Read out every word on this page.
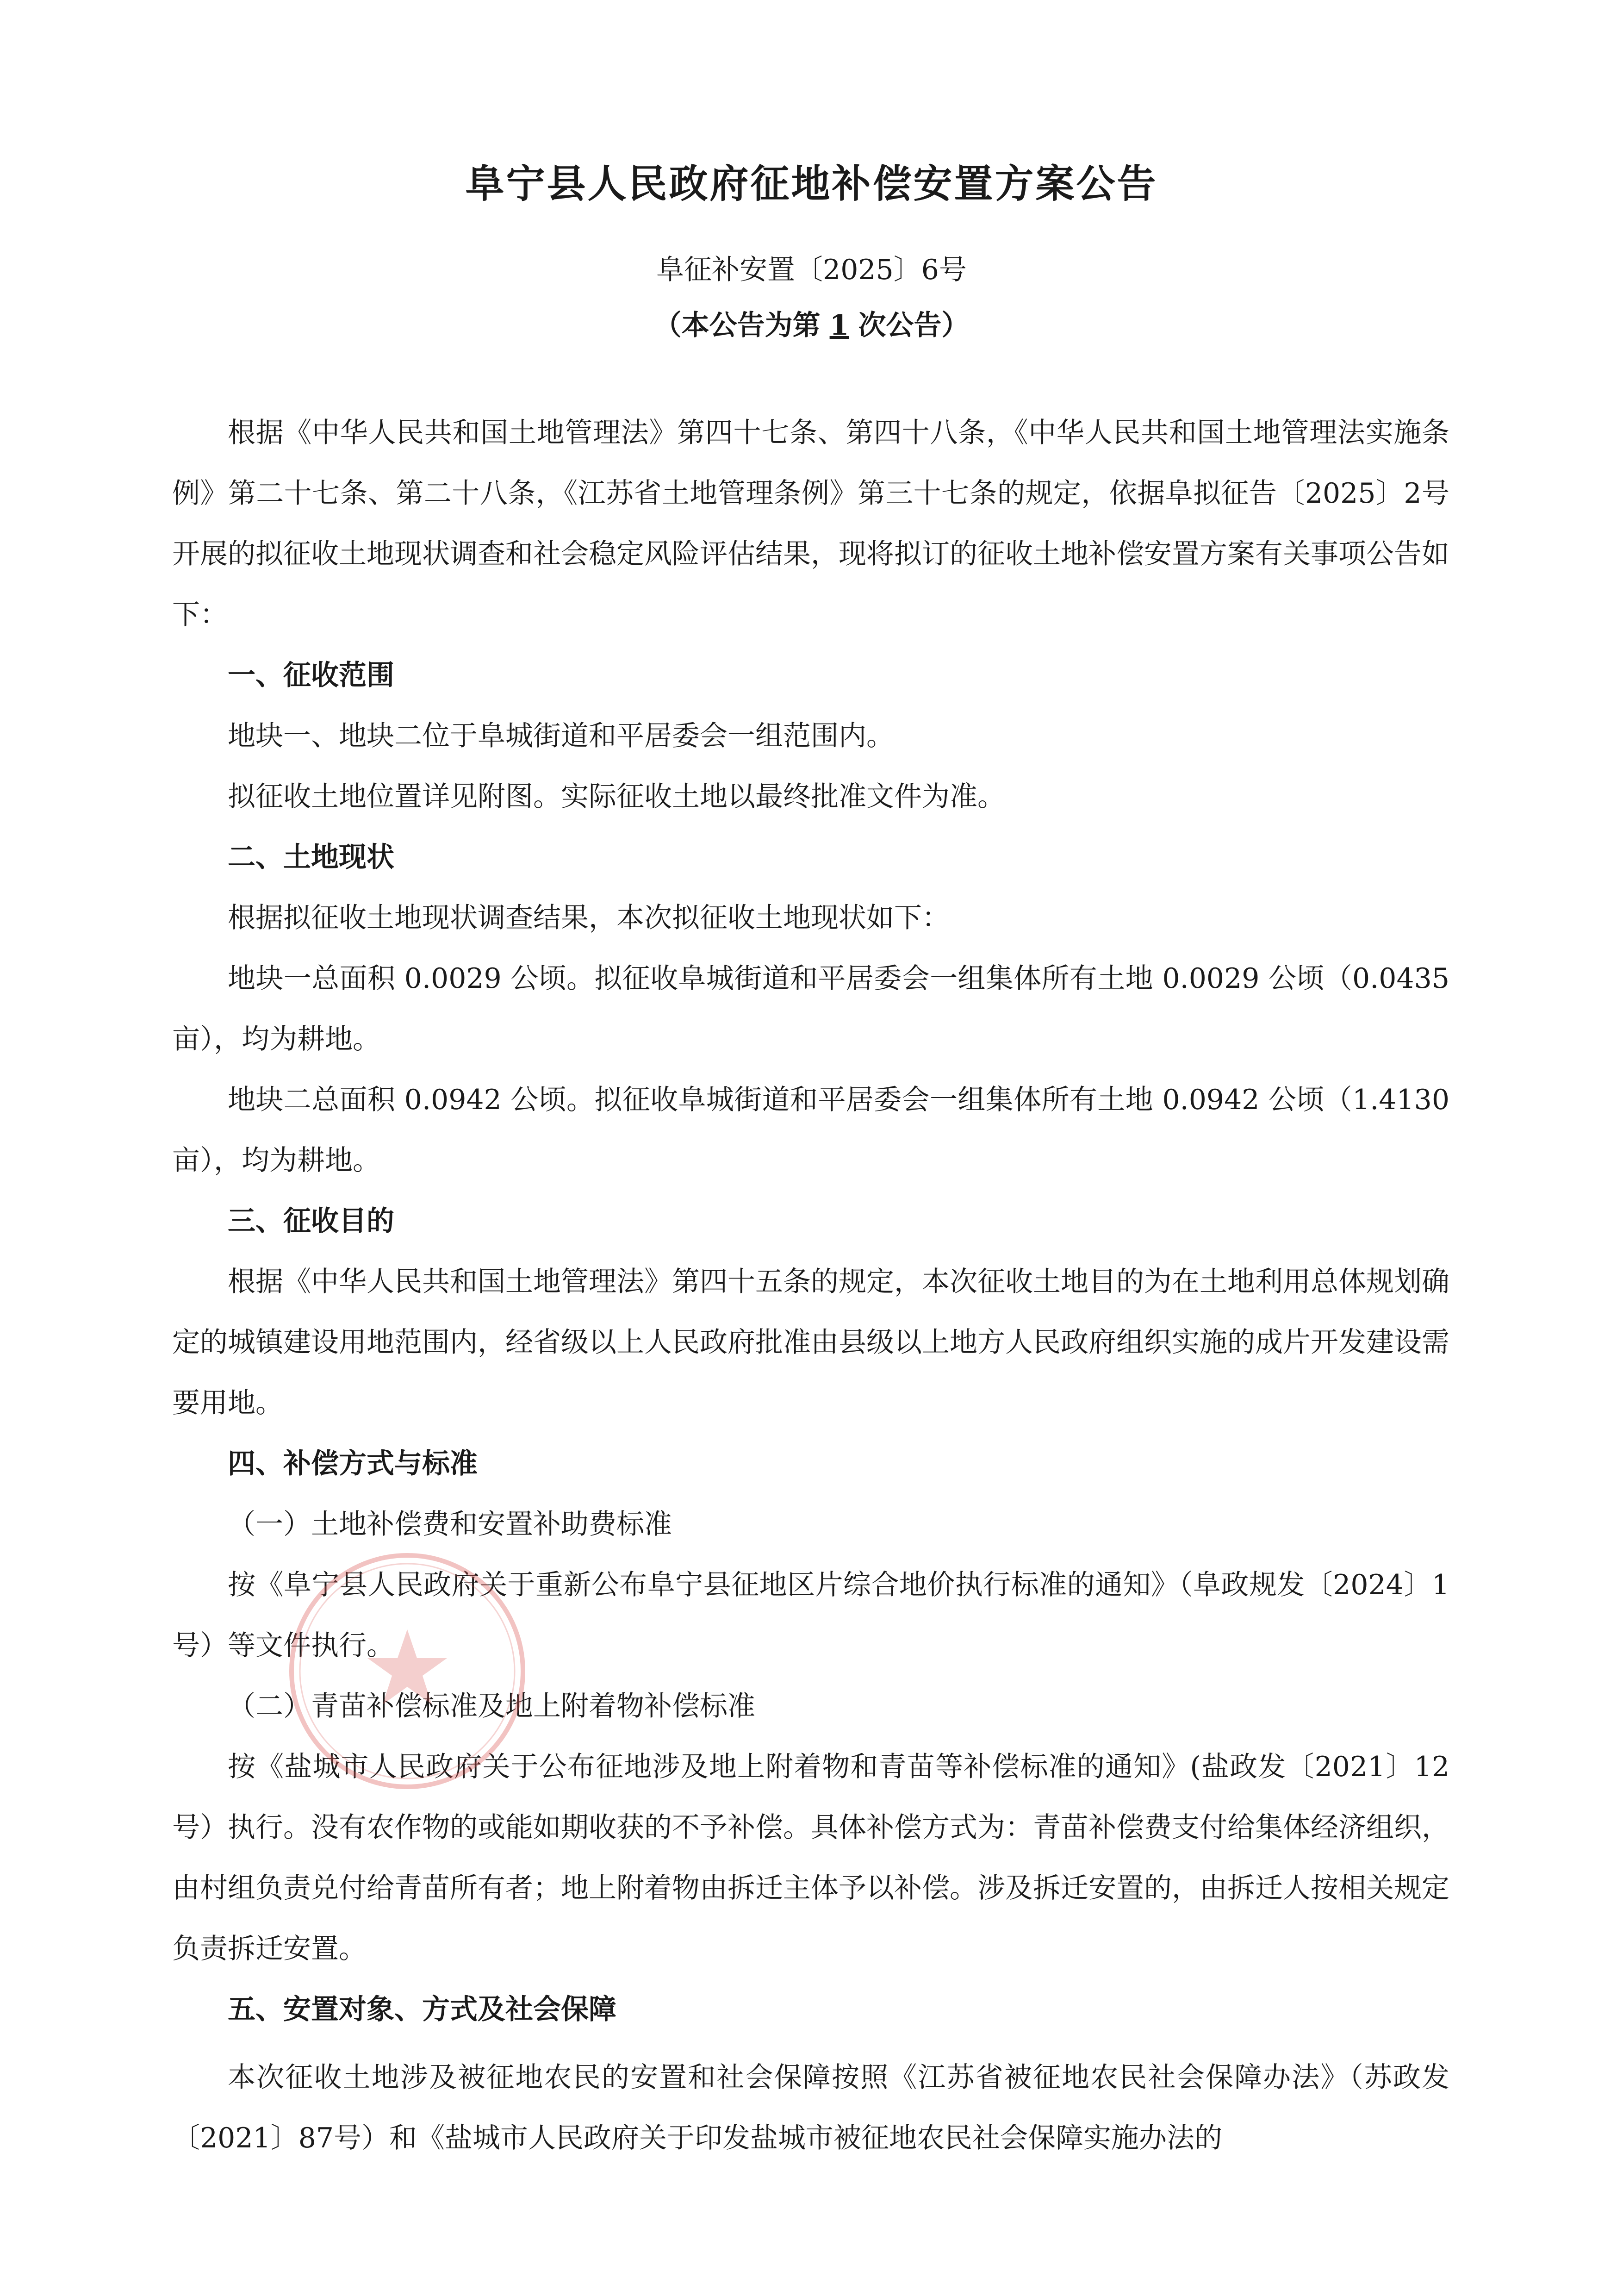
阜宁县人民政府征地补偿安置方案公告
阜征补安置〔2025〕6号
（本公告为第 1 次公告）

根据《中华人民共和国土地管理法》第四十七条、第四十八条，《中华人民共和国土地管理法实施条例》第二十七条、第二十八条，《江苏省土地管理条例》第三十七条的规定，依据阜拟征告〔2025〕2号开展的拟征收土地现状调查和社会稳定风险评估结果，现将拟订的征收土地补偿安置方案有关事项公告如下：

一、征收范围

地块一、地块二位于阜城街道和平居委会一组范围内。

拟征收土地位置详见附图。实际征收土地以最终批准文件为准。

二、土地现状

根据拟征收土地现状调查结果，本次拟征收土地现状如下：

地块一总面积 0.0029 公顷。拟征收阜城街道和平居委会一组集体所有土地 0.0029 公顷（0.0435 亩），均为耕地。

地块二总面积 0.0942 公顷。拟征收阜城街道和平居委会一组集体所有土地 0.0942 公顷（1.4130 亩），均为耕地。

三、征收目的

根据《中华人民共和国土地管理法》第四十五条的规定，本次征收土地目的为在土地利用总体规划确定的城镇建设用地范围内，经省级以上人民政府批准由县级以上地方人民政府组织实施的成片开发建设需要用地。

四、补偿方式与标准

（一）土地补偿费和安置补助费标准

按《阜宁县人民政府关于重新公布阜宁县征地区片综合地价执行标准的通知》（阜政规发〔2024〕1号）等文件执行。

（二）青苗补偿标准及地上附着物补偿标准

按《盐城市人民政府关于公布征地涉及地上附着物和青苗等补偿标准的通知》(盐政发〔2021〕12号）执行。没有农作物的或能如期收获的不予补偿。具体补偿方式为：青苗补偿费支付给集体经济组织，由村组负责兑付给青苗所有者；地上附着物由拆迁主体予以补偿。涉及拆迁安置的，由拆迁人按相关规定负责拆迁安置。

五、安置对象、方式及社会保障

本次征收土地涉及被征地农民的安置和社会保障按照《江苏省被征地农民社会保障办法》（苏政发〔2021〕87号）和《盐城市人民政府关于印发盐城市被征地农民社会保障实施办法的
